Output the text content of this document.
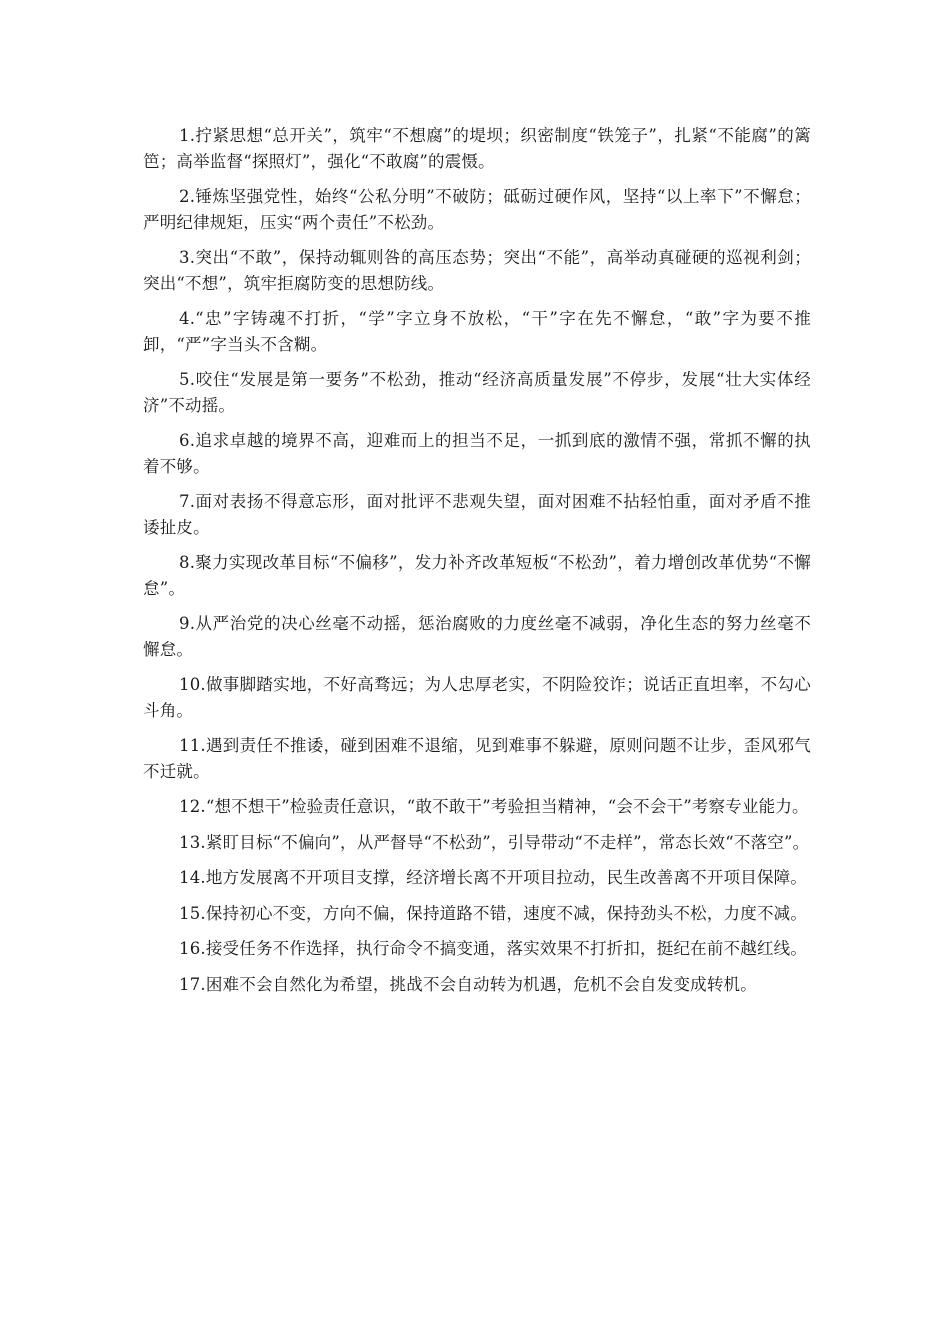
1.拧紧思想“总开关”，筑牢“不想腐”的堤坝；织密制度“铁笼子”，扎紧“不能腐”的篱笆；高举监督“探照灯”，强化“不敢腐”的震慑。

2.锤炼坚强党性，始终“公私分明”不破防；砥砺过硬作风，坚持“以上率下”不懈怠；严明纪律规矩，压实“两个责任”不松劲。

3.突出“不敢”，保持动辄则咎的高压态势；突出“不能”，高举动真碰硬的巡视利剑；突出“不想”，筑牢拒腐防变的思想防线。

4.“忠”字铸魂不打折，“学”字立身不放松，“干”字在先不懈怠，“敢”字为要不推卸，“严”字当头不含糊。

5.咬住“发展是第一要务”不松劲，推动“经济高质量发展”不停步，发展“壮大实体经济”不动摇。

6.追求卓越的境界不高，迎难而上的担当不足，一抓到底的激情不强，常抓不懈的执着不够。

7.面对表扬不得意忘形，面对批评不悲观失望，面对困难不拈轻怕重，面对矛盾不推诿扯皮。

8.聚力实现改革目标“不偏移”，发力补齐改革短板“不松劲”，着力增创改革优势“不懈怠”。

9.从严治党的决心丝毫不动摇，惩治腐败的力度丝毫不减弱，净化生态的努力丝毫不懈怠。

10.做事脚踏实地，不好高骛远；为人忠厚老实，不阴险狡诈；说话正直坦率，不勾心斗角。

11.遇到责任不推诿，碰到困难不退缩，见到难事不躲避，原则问题不让步，歪风邪气不迁就。

12.“想不想干”检验责任意识，“敢不敢干”考验担当精神，“会不会干”考察专业能力。

13.紧盯目标“不偏向”，从严督导“不松劲”，引导带动“不走样”，常态长效“不落空”。

14.地方发展离不开项目支撑，经济增长离不开项目拉动，民生改善离不开项目保障。

15.保持初心不变，方向不偏，保持道路不错，速度不减，保持劲头不松，力度不减。

16.接受任务不作选择，执行命令不搞变通，落实效果不打折扣，挺纪在前不越红线。

17.困难不会自然化为希望，挑战不会自动转为机遇，危机不会自发变成转机。
